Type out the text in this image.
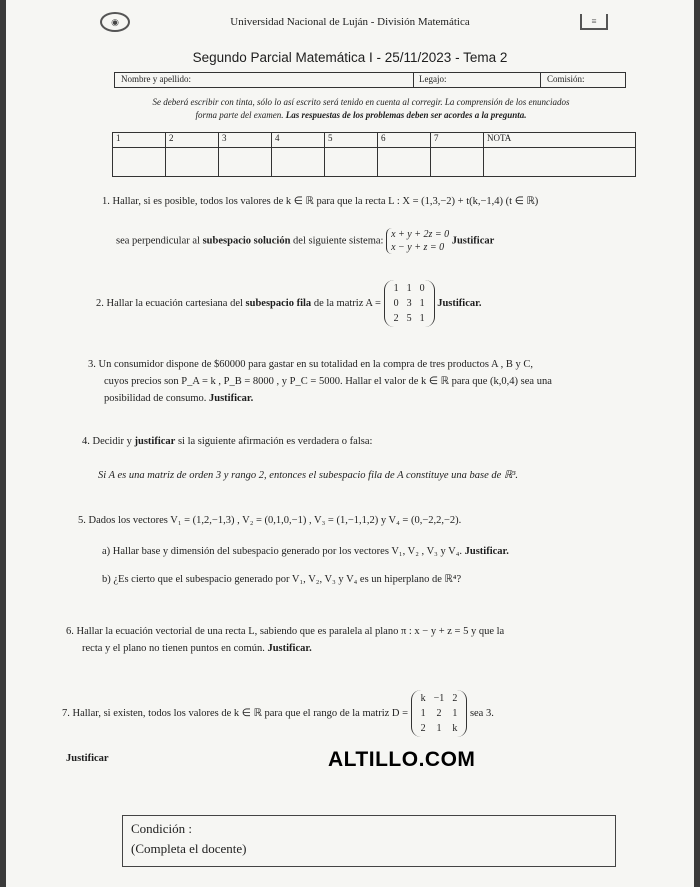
◉	Universidad Nacional de Luján - División Matemática	≡
Segundo Parcial Matemática I - 25/11/2023 - Tema 2
Nombre y apellido:	Legajo:	Comisión:
Se deberá escribir con tinta, sólo lo así escrito será tenido en cuenta al corregir. La comprensión de los enunciados
forma parte del examen. Las respuestas de los problemas deben ser acordes a la pregunta.
1	2	3	4	5	6	7	NOTA

1. Hallar, si es posible, todos los valores de k ∈ ℝ para que la recta L : X = (1,3,−2) + t(k,−1,4) (t ∈ ℝ)
sea perpendicular al subespacio solución del siguiente sistema: x + y + 2z = 0
x − y + z = 0 Justificar
2. Hallar la ecuación cartesiana del subespacio fila de la matriz A =
1	1	0
0	3	1
2	5	1
Justificar.
3. Un consumidor dispone de $60000 para gastar en su totalidad en la compra de tres productos A , B y C,
cuyos precios son P_A = k , P_B = 8000 , y P_C = 5000. Hallar el valor de k ∈ ℝ para que (k,0,4) sea una
posibilidad de consumo. Justificar.
4. Decidir y justificar si la siguiente afirmación es verdadera o falsa:
Si A es una matriz de orden 3 y rango 2, entonces el subespacio fila de A constituye una base de ℝ³.
5. Dados los vectores V₁ = (1,2,−1,3) , V₂ = (0,1,0,−1) , V₃ = (1,−1,1,2) y V₄ = (0,−2,2,−2).
a) Hallar base y dimensión del subespacio generado por los vectores V₁, V₂ , V₃ y V₄. Justificar.
b) ¿Es cierto que el subespacio generado por V₁, V₂, V₃ y V₄ es un hiperplano de ℝ⁴?
6. Hallar la ecuación vectorial de una recta L, sabiendo que es paralela al plano π : x − y + z = 5 y que la
recta y el plano no tienen puntos en común. Justificar.
7. Hallar, si existen, todos los valores de k ∈ ℝ para que el rango de la matriz D =
k	−1	2
1	2	1
2	1	k
sea 3.
Justificar	ALTILLO.COM
Condición :
(Completa el docente)
